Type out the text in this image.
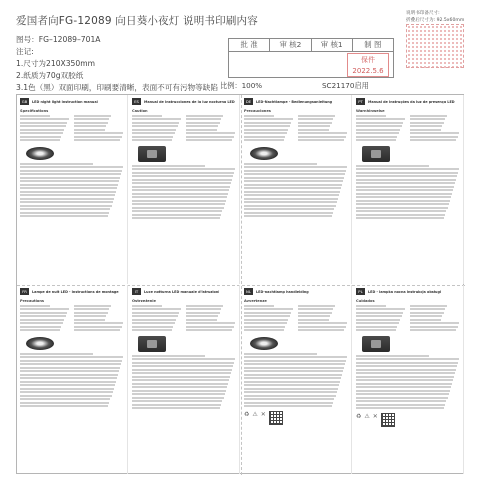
爱国者向FG-12089 向日葵小夜灯 说明书印刷内容
图号：FG–12089–701A
注记:
1.尺寸为210X350mm
2.纸质为70g双胶纸
3.1色（黑）双面印刷，印刷要清晰，表面不可有污物等缺陷
批 准	审 核2	审 核1	制 图
保件
2022.5.6
比例：100%	SC21170启用
说明书印备尺寸:
折叠后尺寸为: 92.5x60mm
GB	LED night light instruction manual
Specifications
ES	Manual de instrucciones de la luz nocturna LED
Caution
DE	LED-Nachtlampe - Bedienungsanleitung
Precauciones
PT	Manual de instruções da luz de presença LED
Warnhinweise
FR	Lampe de nuit LED - Instructions de montage
Precautions
IT	Luce notturna LED manuale d'istruzioni
Ostrzeżenie
NL	LED-nachtlamp handleiding
Avvertenze
♻ ⚠ ✕
PL	LED - lampka nocna instrukcja obsługi
Cuidados
♻ ⚠ ✕
